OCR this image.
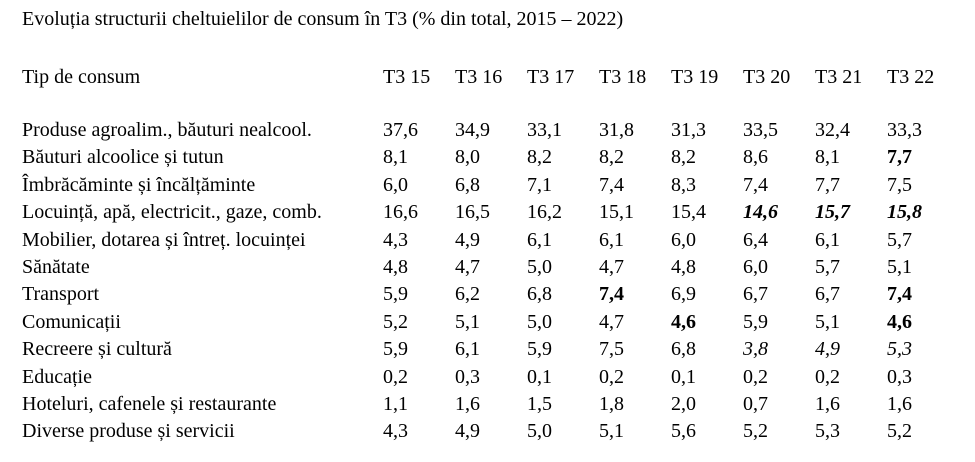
Evoluția structurii cheltuielilor de consum în T3 (% din total, 2015 – 2022)
Tip de consum	T3 15 T3 16 T3 17 T3 18 T3 19 T3 20 T3 21 T3 22
Produse agroalim., băuturi nealcool.	37,6 34,9 33,1 31,8 31,3 33,5 32,4 33,3
Băuturi alcoolice și tutun	8,1 8,0 8,2 8,2 8,2 8,6 8,1 7,7
Îmbrăcăminte și încălțăminte	6,0 6,8 7,1 7,4 8,3 7,4 7,7 7,5
Locuință, apă, electricit., gaze, comb.	16,6 16,5 16,2 15,1 15,4 14,6 15,7 15,8
Mobilier, dotarea și întreț. locuinței	4,3 4,9 6,1 6,1 6,0 6,4 6,1 5,7
Sănătate	4,8 4,7 5,0 4,7 4,8 6,0 5,7 5,1
Transport	5,9 6,2 6,8 7,4 6,9 6,7 6,7 7,4
Comunicații	5,2 5,1 5,0 4,7 4,6 5,9 5,1 4,6
Recreere și cultură	5,9 6,1 5,9 7,5 6,8 3,8 4,9 5,3
Educație	0,2 0,3 0,1 0,2 0,1 0,2 0,2 0,3
Hoteluri, cafenele și restaurante	1,1 1,6 1,5 1,8 2,0 0,7 1,6 1,6
Diverse produse și servicii	4,3 4,9 5,0 5,1 5,6 5,2 5,3 5,2
